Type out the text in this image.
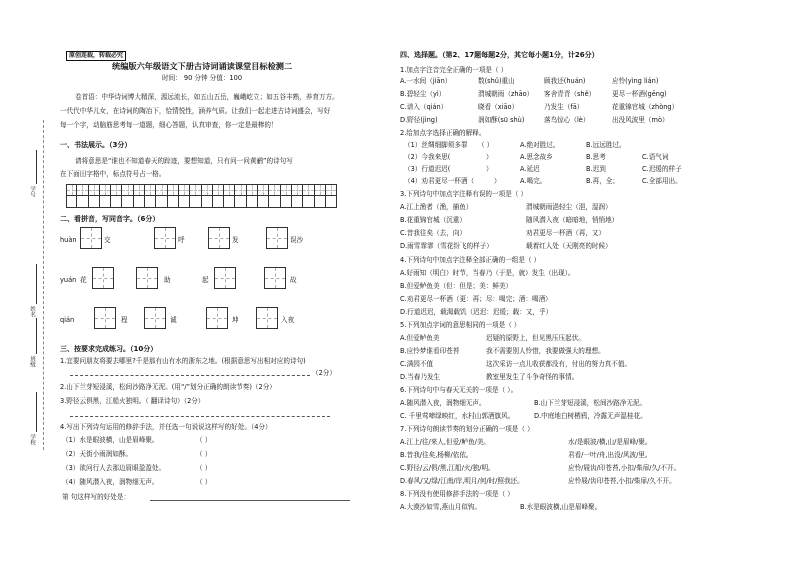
学号
姓名
班级
学校
原创连载，转载必究
统编版六年级语文下册古诗词诵读课堂目标检测二
时间： 90 分钟 分值：100
卷首语：中华诗词博大精深，源远流长，如五山五岳，巍峨屹立；如五谷丰熟，养育万方。
一代代中华儿女，在诗词的陶冶下，恰情悦性，涵养气质。让我们一起走进古诗词盛会，写好
每一个字，动脑筋思考每一道题，细心答题，认真审查，你一定是最棒的！
一、书法展示。（3分）
请将意思是“谁也不知道春天的踪迹，要想知道，只有问一问黄鹂”的诗句写
在下面田字格中，标点符号占一格。
二、看拼音，写同音字。（6分）
huàn	交	呼	发	误沙
yuán 花	助	起	故
qián	程	诚	坤	入夜
三、按要求完成练习。（10分）
1.宜要问朋友将要去哪里?千是那有山有水的浙东之地。(根据意思写出相对应的诗句)
（2分）
2.山下兰芽短浸溪，松间沙路净无泥。(用“/”划分正确的朗读节奏)（2分）
3.野径云俱黑，江船火独明。（ 翻译诗句）（2分）
4.写出下列诗句运用的修辞手法，并任选一句说说这样写的好处。（4分）
（1）水是眼波横，山是眉峰聚。	（ ）
（2）天街小雨润如酥。	（ ）
（3）欲问行人去那边眉眼盈盈处。	（ ）
（4）随风潜入夜，润物细无声。	（ ）
第 句这样写的好处是：
四、选择题。（第2、17题每题2分，其它每小题1分，计26分）
1.加点字注音完全正确的一项是（ ）
A.一水间（jiān）	数(shǔ)重山	顾我还(huán)	应怜(yìng lián)
B.碧轻尘（yì）	渭城朝雨（zhāo） 客舍青青（shě）	更尽一杯酒(gēng)
C.谱入（qián）	晓看（xiāo）	乃发生（fā）	花重锦官城（zhòng）
D.野径(jìng)	润如酥(sū shù)	落鸟惊心（lè）	出没风波里（mò）
2.给加点字选择正确的解释。
（1）丝绸细脚须多罪 （ ）	A.绝对胜过。	B.远远胜过。
（2）今我来思(	）	A.思念故乡	B.思考	C.语气词
（3）行道迟迟(	）	A.延迟	B.迟到	C.迟缓的样子
（4）劝君更尽一杯酒（	）	A.喝完。	B.再，全；	C.全部用出。
3.下列诗句中加点字注释有误的一项是（ ）
A.江上渔者（渔，捕鱼）	渭城朝雨浥轻尘（浥，湿润）
B.花重锦官城（沉重）	随风潜入夜（暗暗地，悄悄地）
C.昔我往矣（去，向）	劝君更尽一杯酒（再，又）
D.雨雪霏霏（雪花纷飞的样子）	载着红人处（天刚亮的时候）
4.下列诗句中加点字注释全部正确的一组是（ ）
A.好雨知（明白）时节，当春乃（于是，就）发生（出现）。
B.但爱鲈鱼美（但：但是；美：鲜美）
C.劝君更尽一杯酒（更：再；尽：喝完；酒：喝酒）
D.行道迟迟，载渴载饥（迟迟：迟缓；载：又，乎）
5.下列加点字词的意思相同的一项是（ ）
A.但爱鲈鱼美	迟疑的原野上，但见黑压压起伏。
B.应怜梦谁看印苍苔	我不需要别人怜惜，我要做强大的理想。
C.满园不值	这次采访一点儿收获都没有，付出的努力真不值。
D.当春乃发生	教室里发生了斗争奇怪的事情。
6.下列诗句中与春天无关的一项是（ ）。
A.随风潜入夜，润物细无声。	B.山下兰芽短浸溪，松间沙路净无泥。
C. 千里莺啼绿映红，水村山郭酒旗风。	D.中庭地白树栖鸦，冷露无声湿桂花。
7.下列诗句朗读节奏的划分正确的一项是（ ）
A.江上/往/来人,但爱/鲈鱼/美。	水/是眼波/横,山/是眉峰/聚。
B.昔我/往矣,杨柳/依依。	君看/一叶/舟,出没/风波/里。
C.野径/云/俱/黑,江船/火/独/明。	应怜/屐齿/印苍苔,小扣/柴扉/久/不开。
D.春风/又/绿/江南/岸,明月/何/时/照我还。	应怜屐/齿印苍苔,小扣/柴扉/久不开。
8.下列没有使用修辞手法的一项是（ ）
A.大漠沙如雪,燕山月似钩。	B.水是眼波横,山是眉峰聚。
